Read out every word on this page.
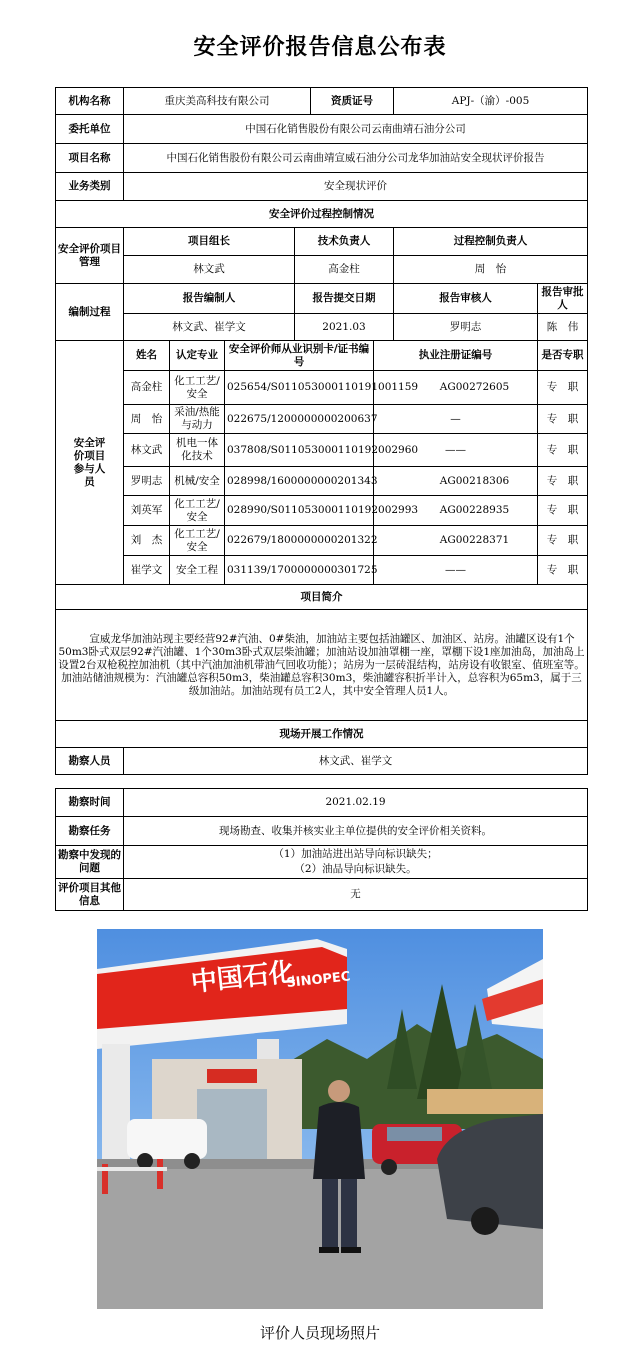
安全评价报告信息公布表
机构名称	重庆美高科技有限公司				资质证号		APJ-（渝）-005	
委托单位	中国石化销售股份有限公司云南曲靖石油分公司							
项目名称	中国石化销售股份有限公司云南曲靖宣威石油分公司龙华加油站安全现状评价报告							
业务类别	安全现状评价							
安全评价过程控制情况								
安全评价项目管理	项目组长			技术负责人			过程控制负责人	
	林文武			高金柱			周　怡	
编制过程	报告编制人			报告提交日期			报告审核人	报告审批人
	林文武、崔学文			2021.03			罗明志	陈　伟
安全评价项目参与人员	姓名	认定专业	安全评价师从业识别卡/证书编号			执业注册证编号		是否专职
	高金柱	化工工艺/安全	025654/S011053000110191001159			AG00272605		专　职
	周　怡	采油/热能与动力	022675/1200000000200637			—		专　职
	林文武	机电一体化技术	037808/S011053000110192002960			——		专　职
	罗明志	机械/安全	028998/1600000000201343			AG00218306		专　职
	刘英军	化工工艺/安全	028990/S011053000110192002993			AG00228935		专　职
	刘　杰	化工工艺/安全	022679/1800000000201322			AG00228371		专　职
	崔学文	安全工程	031139/1700000000301725			——		专　职
项目简介								
宣威龙华加油站现主要经营92#汽油、0#柴油，加油站主要包括油罐区、加油区、站房。油罐区设有1个50m3卧式双层92#汽油罐、1个30m3卧式双层柴油罐；加油站设加油罩棚一座，罩棚下设1座加油岛，加油岛上设置2台双枪税控加油机（其中汽油加油机带油气回收功能）；站房为一层砖混结构，站房设有收银室、值班室等。加油站储油规模为：汽油罐总容积50m3，柴油罐总容积30m3，柴油罐容积折半计入，总容积为65m3，属于三级加油站。加油站现有员工2人，其中安全管理人员1人。								
现场开展工作情况								
勘察人员	林文武、崔学文							
勘察时间	2021.02.19
勘察任务	现场勘查、收集并核实业主单位提供的安全评价相关资料。
勘察中发现的问题	（1）加油站进出站导向标识缺失；
（2）油品导向标识缺失。

评价项目其他信息	无
中国石化
SINOPEC
评价人员现场照片
